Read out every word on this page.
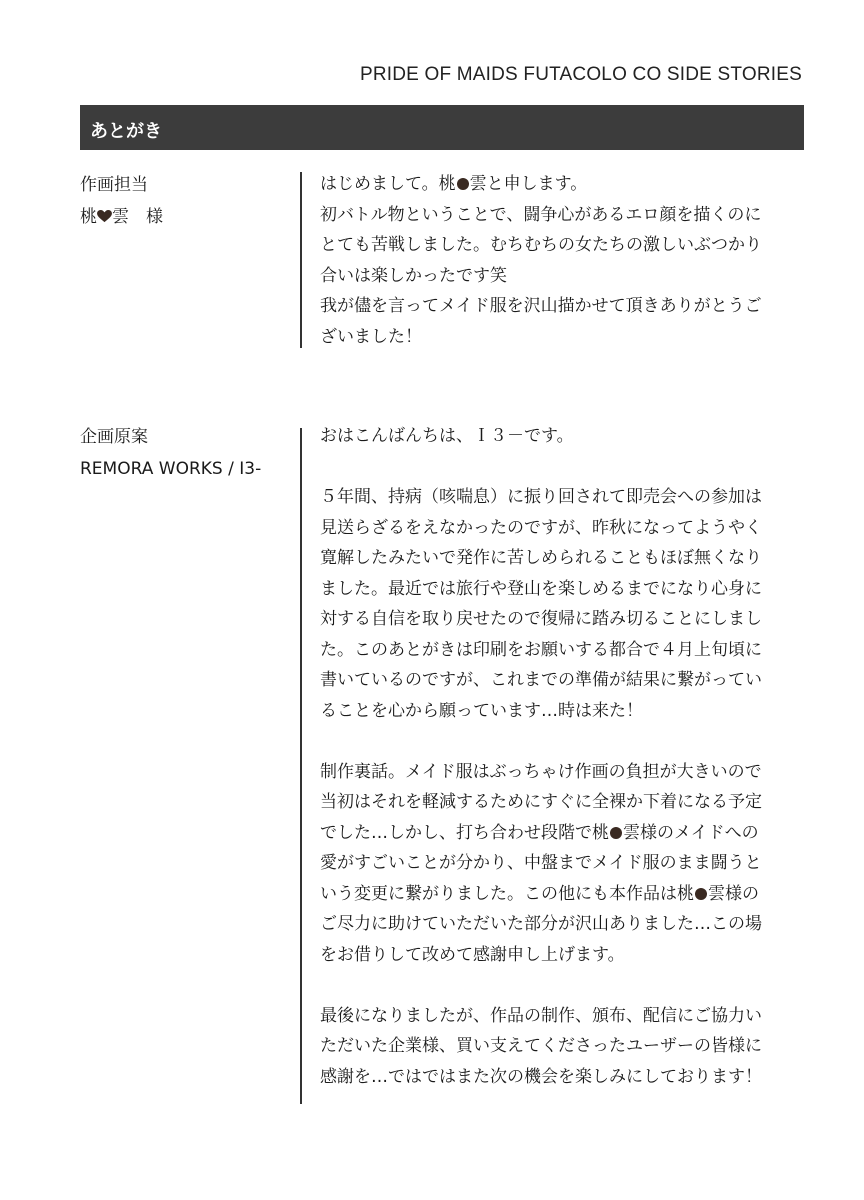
PRIDE OF MAIDS FUTACOLO CO SIDE STORIES
あとがき
作画担当
桃 雲　様
はじめまして。桃 雲と申します。
初バトル物ということで、闘争心があるエロ顔を描くのに
とても苦戦しました。むちむちの女たちの激しいぶつかり
合いは楽しかったです笑
我が儘を言ってメイド服を沢山描かせて頂きありがとうご
ざいました！
企画原案
REMORA WORKS / I3-
おはこんばんちは、Ｉ３－です。
５年間、持病（咳喘息）に振り回されて即売会への参加は
見送らざるをえなかったのですが、昨秋になってようやく
寛解したみたいで発作に苦しめられることもほぼ無くなり
ました。最近では旅行や登山を楽しめるまでになり心身に
対する自信を取り戻せたので復帰に踏み切ることにしまし
た。このあとがきは印刷をお願いする都合で４月上旬頃に
書いているのですが、これまでの準備が結果に繋がってい
ることを心から願っています…時は来た！
制作裏話。メイド服はぶっちゃけ作画の負担が大きいので
当初はそれを軽減するためにすぐに全裸か下着になる予定
でした…しかし、打ち合わせ段階で桃 雲様のメイドへの
愛がすごいことが分かり、中盤までメイド服のまま闘うと
いう変更に繋がりました。この他にも本作品は桃 雲様の
ご尽力に助けていただいた部分が沢山ありました…この場
をお借りして改めて感謝申し上げます。
最後になりましたが、作品の制作、頒布、配信にご協力い
ただいた企業様、買い支えてくださったユーザーの皆様に
感謝を…ではではまた次の機会を楽しみにしております！
